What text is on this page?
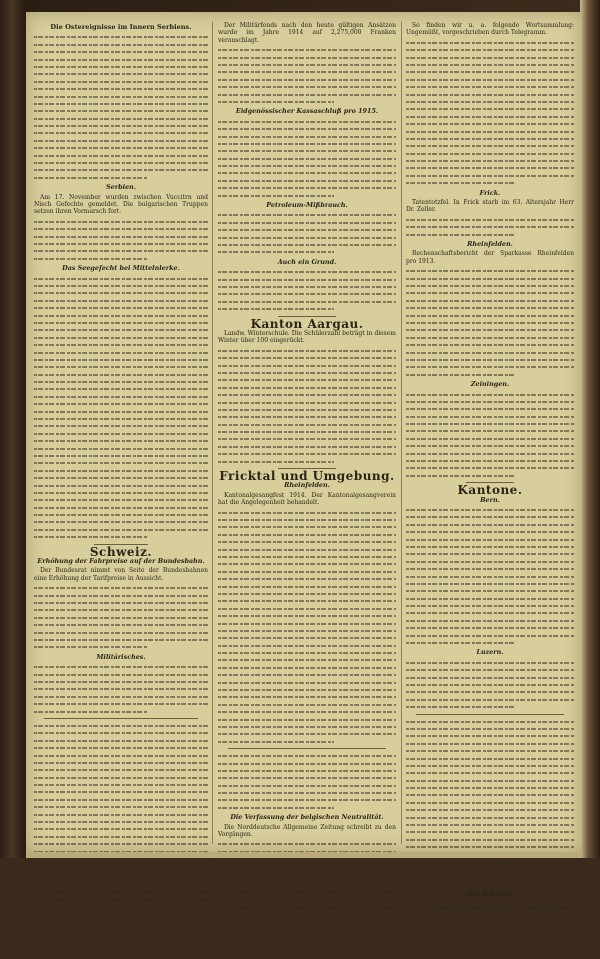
Die Ostereignisse im Innern Serbiens.
Serbien.

Am 17. November wurden zwischen Vuccitrn und Nisch Gefechte gemeldet. Die bulgarischen Truppen setzen ihren Vormarsch fort.

Das Seegefecht bei Mittelnlerke.
Schweiz.
Erhöhung der Fahrpreise auf der Bundesbahn.

Der Bundesrat nimmt von Seite der Bundesbahnen eine Erhöhung der Tarifpreise in Aussicht.

Militärisches.

Der Militärfonds nach den heute gültigen Ansätzen wurde im Jahre 1914 auf 2,275,000 Franken veranschlagt.

Eidgenössischer Kassaschluß pro 1915.
Petroleum-Mißbrauch.
Auch ein Grund.
Kanton Aargau.

Landw. Winterschule. Die Schülerzahl beträgt in diesem Winter über 100 eingerückt.

Fricktal und Umgebung.
Rheinfelden.

Kantonalgesangfest 1914. Der Kantonalgesangverein hat die Angelegenheit behandelt.

Die Verfassung der belgischen Neutralität.

Die Norddeutsche Allgemeine Zeitung schreibt zu den Vorgängen.

So finden wir u. a. folgende Wortsammlung: Ungemüßt, vorgeschrieben durch Telegramm.

Frick.

Tatentotzfel. In Frick starb im 63. Altersjahr Herr Dr. Zeller.

Rheinfelden.

Rechenschaftsbericht der Sparkasse Rheinfelden pro 1913.

Zeiningen.
Kantone.
Bern.
Luzern.
Die Schweiz.
